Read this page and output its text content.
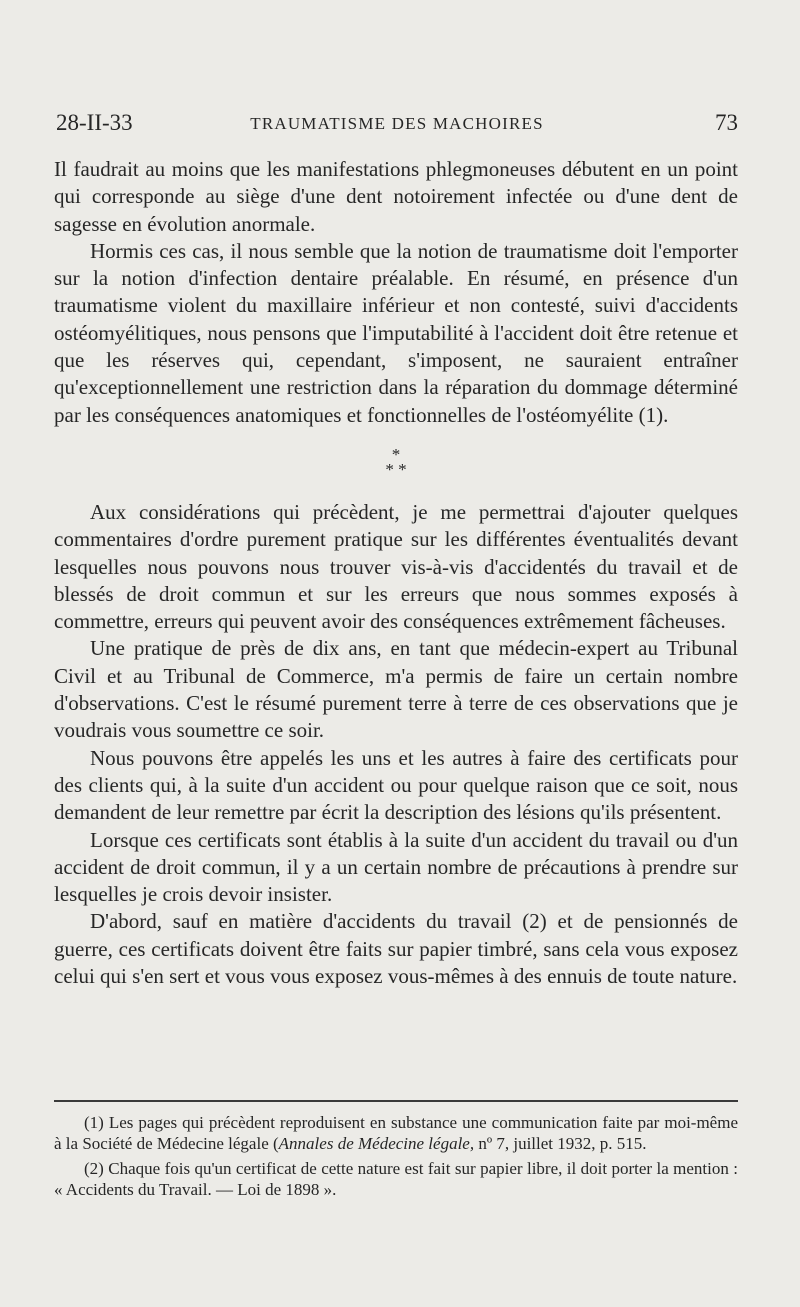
28-II-33	TRAUMATISME DES MACHOIRES	73

Il faudrait au moins que les manifestations phlegmoneuses débutent en un point qui corresponde au siège d'une dent notoirement infectée ou d'une dent de sagesse en évolution anormale.

Hormis ces cas, il nous semble que la notion de traumatisme doit l'emporter sur la notion d'infection dentaire préalable. En résumé, en présence d'un traumatisme violent du maxillaire inférieur et non contesté, suivi d'accidents ostéomyélitiques, nous pensons que l'imputabilité à l'accident doit être retenue et que les réserves qui, cependant, s'imposent, ne sauraient entraîner qu'exceptionnellement une restriction dans la réparation du dommage déterminé par les conséquences anatomiques et fonctionnelles de l'ostéomyélite (1).

*
* *

Aux considérations qui précèdent, je me permettrai d'ajouter quelques commentaires d'ordre purement pratique sur les différentes éventualités devant lesquelles nous pouvons nous trouver vis-à-vis d'accidentés du travail et de blessés de droit commun et sur les erreurs que nous sommes exposés à commettre, erreurs qui peuvent avoir des conséquences extrêmement fâcheuses.

Une pratique de près de dix ans, en tant que médecin-expert au Tribunal Civil et au Tribunal de Commerce, m'a permis de faire un certain nombre d'observations. C'est le résumé purement terre à terre de ces observations que je voudrais vous soumettre ce soir.

Nous pouvons être appelés les uns et les autres à faire des certificats pour des clients qui, à la suite d'un accident ou pour quelque raison que ce soit, nous demandent de leur remettre par écrit la description des lésions qu'ils présentent.

Lorsque ces certificats sont établis à la suite d'un accident du travail ou d'un accident de droit commun, il y a un certain nombre de précautions à prendre sur lesquelles je crois devoir insister.

D'abord, sauf en matière d'accidents du travail (2) et de pensionnés de guerre, ces certificats doivent être faits sur papier timbré, sans cela vous exposez celui qui s'en sert et vous vous exposez vous-mêmes à des ennuis de toute nature.

(1) Les pages qui précèdent reproduisent en substance une communication faite par moi-même à la Société de Médecine légale (Annales de Médecine légale, nº 7, juillet 1932, p. 515.

(2) Chaque fois qu'un certificat de cette nature est fait sur papier libre, il doit porter la mention : « Accidents du Travail. — Loi de 1898 ».
